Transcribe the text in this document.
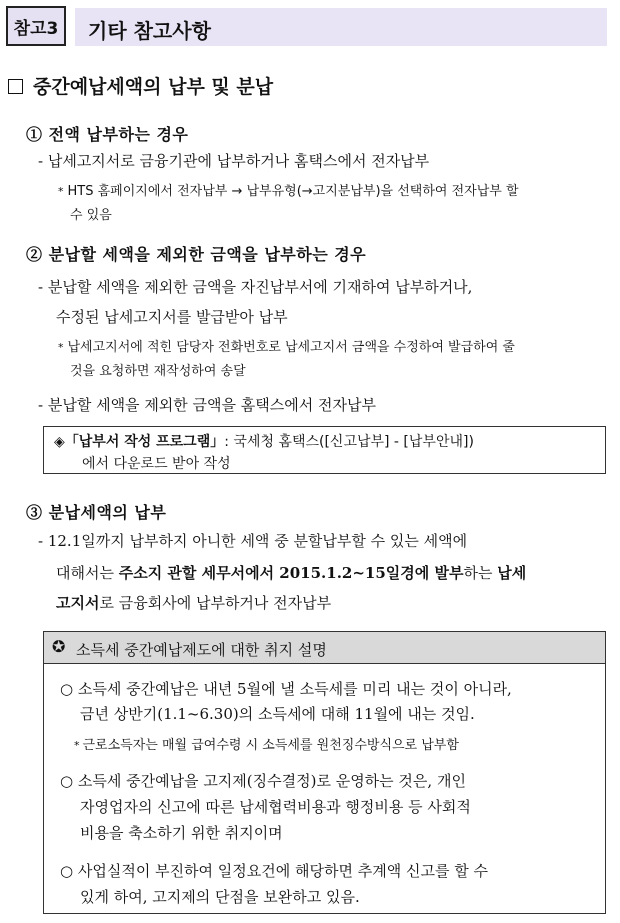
참고3 기타 참고사항
중간예납세액의 납부 및 분납
① 전액 납부하는 경우
- 납세고지서로 금융기관에 납부하거나 홈택스에서 전자납부
* HTS 홈페이지에서 전자납부 → 납부유형(→고지분납부)을 선택하여 전자납부 할
수 있음
② 분납할 세액을 제외한 금액을 납부하는 경우
- 분납할 세액을 제외한 금액을 자진납부서에 기재하여 납부하거나,
수정된 납세고지서를 발급받아 납부
* 납세고지서에 적힌 담당자 전화번호로 납세고지서 금액을 수정하여 발급하여 줄
것을 요청하면 재작성하여 송달
- 분납할 세액을 제외한 금액을 홈택스에서 전자납부
◈「납부서 작성 프로그램」: 국세청 홈택스([신고납부] - [납부안내])
에서 다운로드 받아 작성
③ 분납세액의 납부
- 12.1일까지 납부하지 아니한 세액 중 분할납부할 수 있는 세액에
대해서는 주소지 관할 세무서에서 2015.1.2~15일경에 발부하는 납세
고지서로 금융회사에 납부하거나 전자납부
✪ 소득세 중간예납제도에 대한 취지 설명
○ 소득세 중간예납은 내년 5월에 낼 소득세를 미리 내는 것이 아니라,
금년 상반기(1.1~6.30)의 소득세에 대해 11월에 내는 것임.
* 근로소득자는 매월 급여수령 시 소득세를 원천징수방식으로 납부함
○ 소득세 중간예납을 고지제(징수결정)로 운영하는 것은, 개인
자영업자의 신고에 따른 납세협력비용과 행정비용 등 사회적
비용을 축소하기 위한 취지이며
○ 사업실적이 부진하여 일정요건에 해당하면 추계액 신고를 할 수
있게 하여, 고지제의 단점을 보완하고 있음.
